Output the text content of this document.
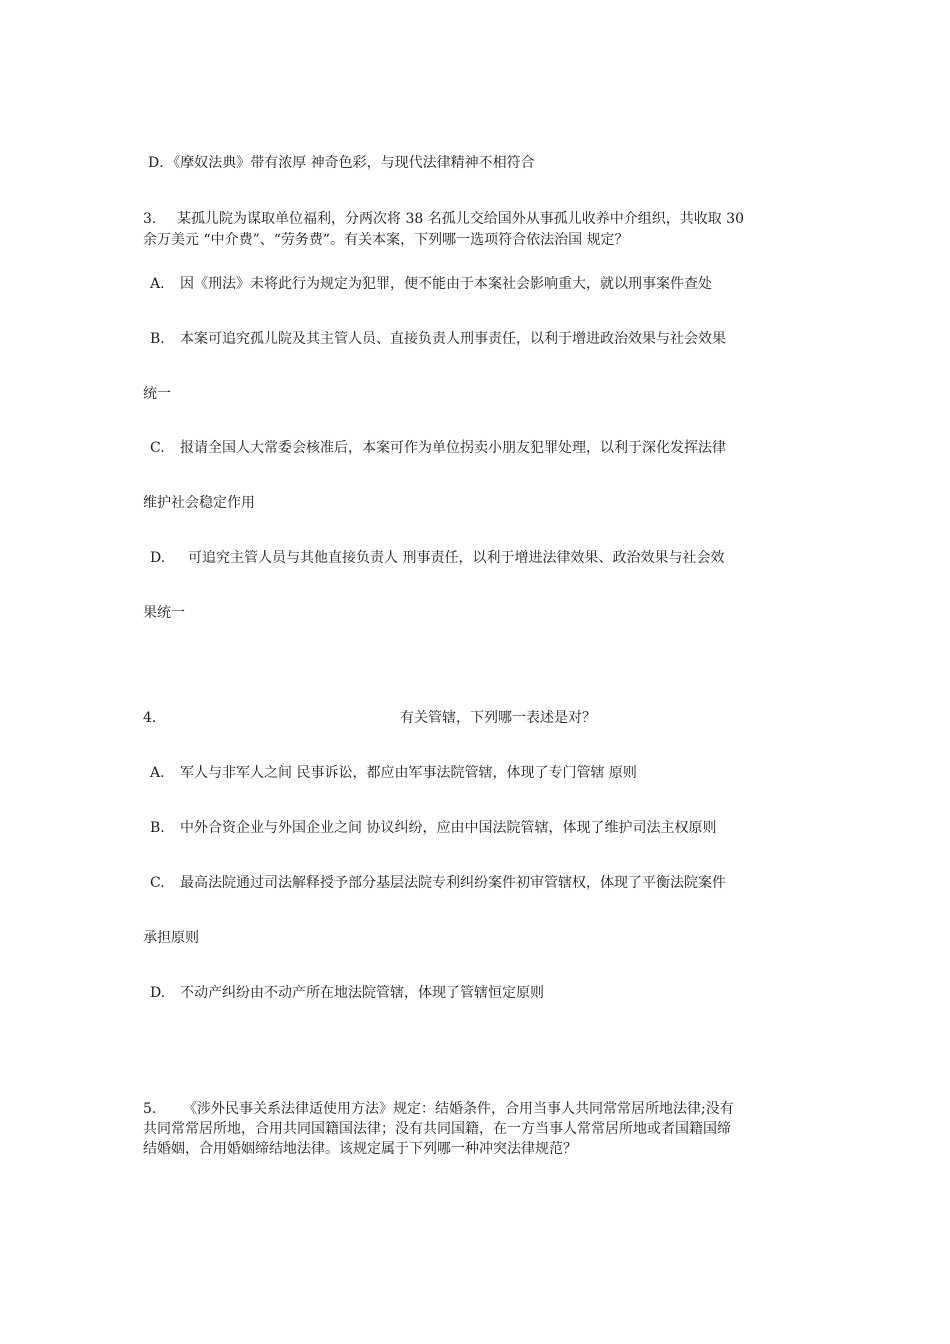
D．《摩奴法典》带有浓厚 神奇色彩，与现代法律精神不相符合
3. 某孤儿院为谋取单位福利，分两次将 38 名孤儿交给国外从事孤儿收养中介组织，共收取 30
余万美元 “中介费”、“劳务费”。有关本案，下列哪一选项符合依法治国 规定？
A. 因《刑法》未将此行为规定为犯罪，便不能由于本案社会影响重大，就以刑事案件查处
B. 本案可追究孤儿院及其主管人员、直接负责人刑事责任，以利于增进政治效果与社会效果
统一
C. 报请全国人大常委会核准后，本案可作为单位拐卖小朋友犯罪处理，以利于深化发挥法律
维护社会稳定作用
D. 可追究主管人员与其他直接负责人 刑事责任，以利于增进法律效果、政治效果与社会效
果统一
4.	有关管辖，下列哪一表述是对？
A. 军人与非军人之间 民事诉讼，都应由军事法院管辖，体现了专门管辖 原则
B. 中外合资企业与外国企业之间 协议纠纷，应由中国法院管辖，体现了维护司法主权原则
C. 最高法院通过司法解释授予部分基层法院专利纠纷案件初审管辖权，体现了平衡法院案件
承担原则
D. 不动产纠纷由不动产所在地法院管辖，体现了管辖恒定原则
5. 《涉外民事关系法律适使用方法》规定：结婚条件，合用当事人共同常常居所地法律;没有
共同常常居所地，合用共同国籍国法律；没有共同国籍，在一方当事人常常居所地或者国籍国缔
结婚姻，合用婚姻缔结地法律。该规定属于下列哪一种冲突法律规范？
